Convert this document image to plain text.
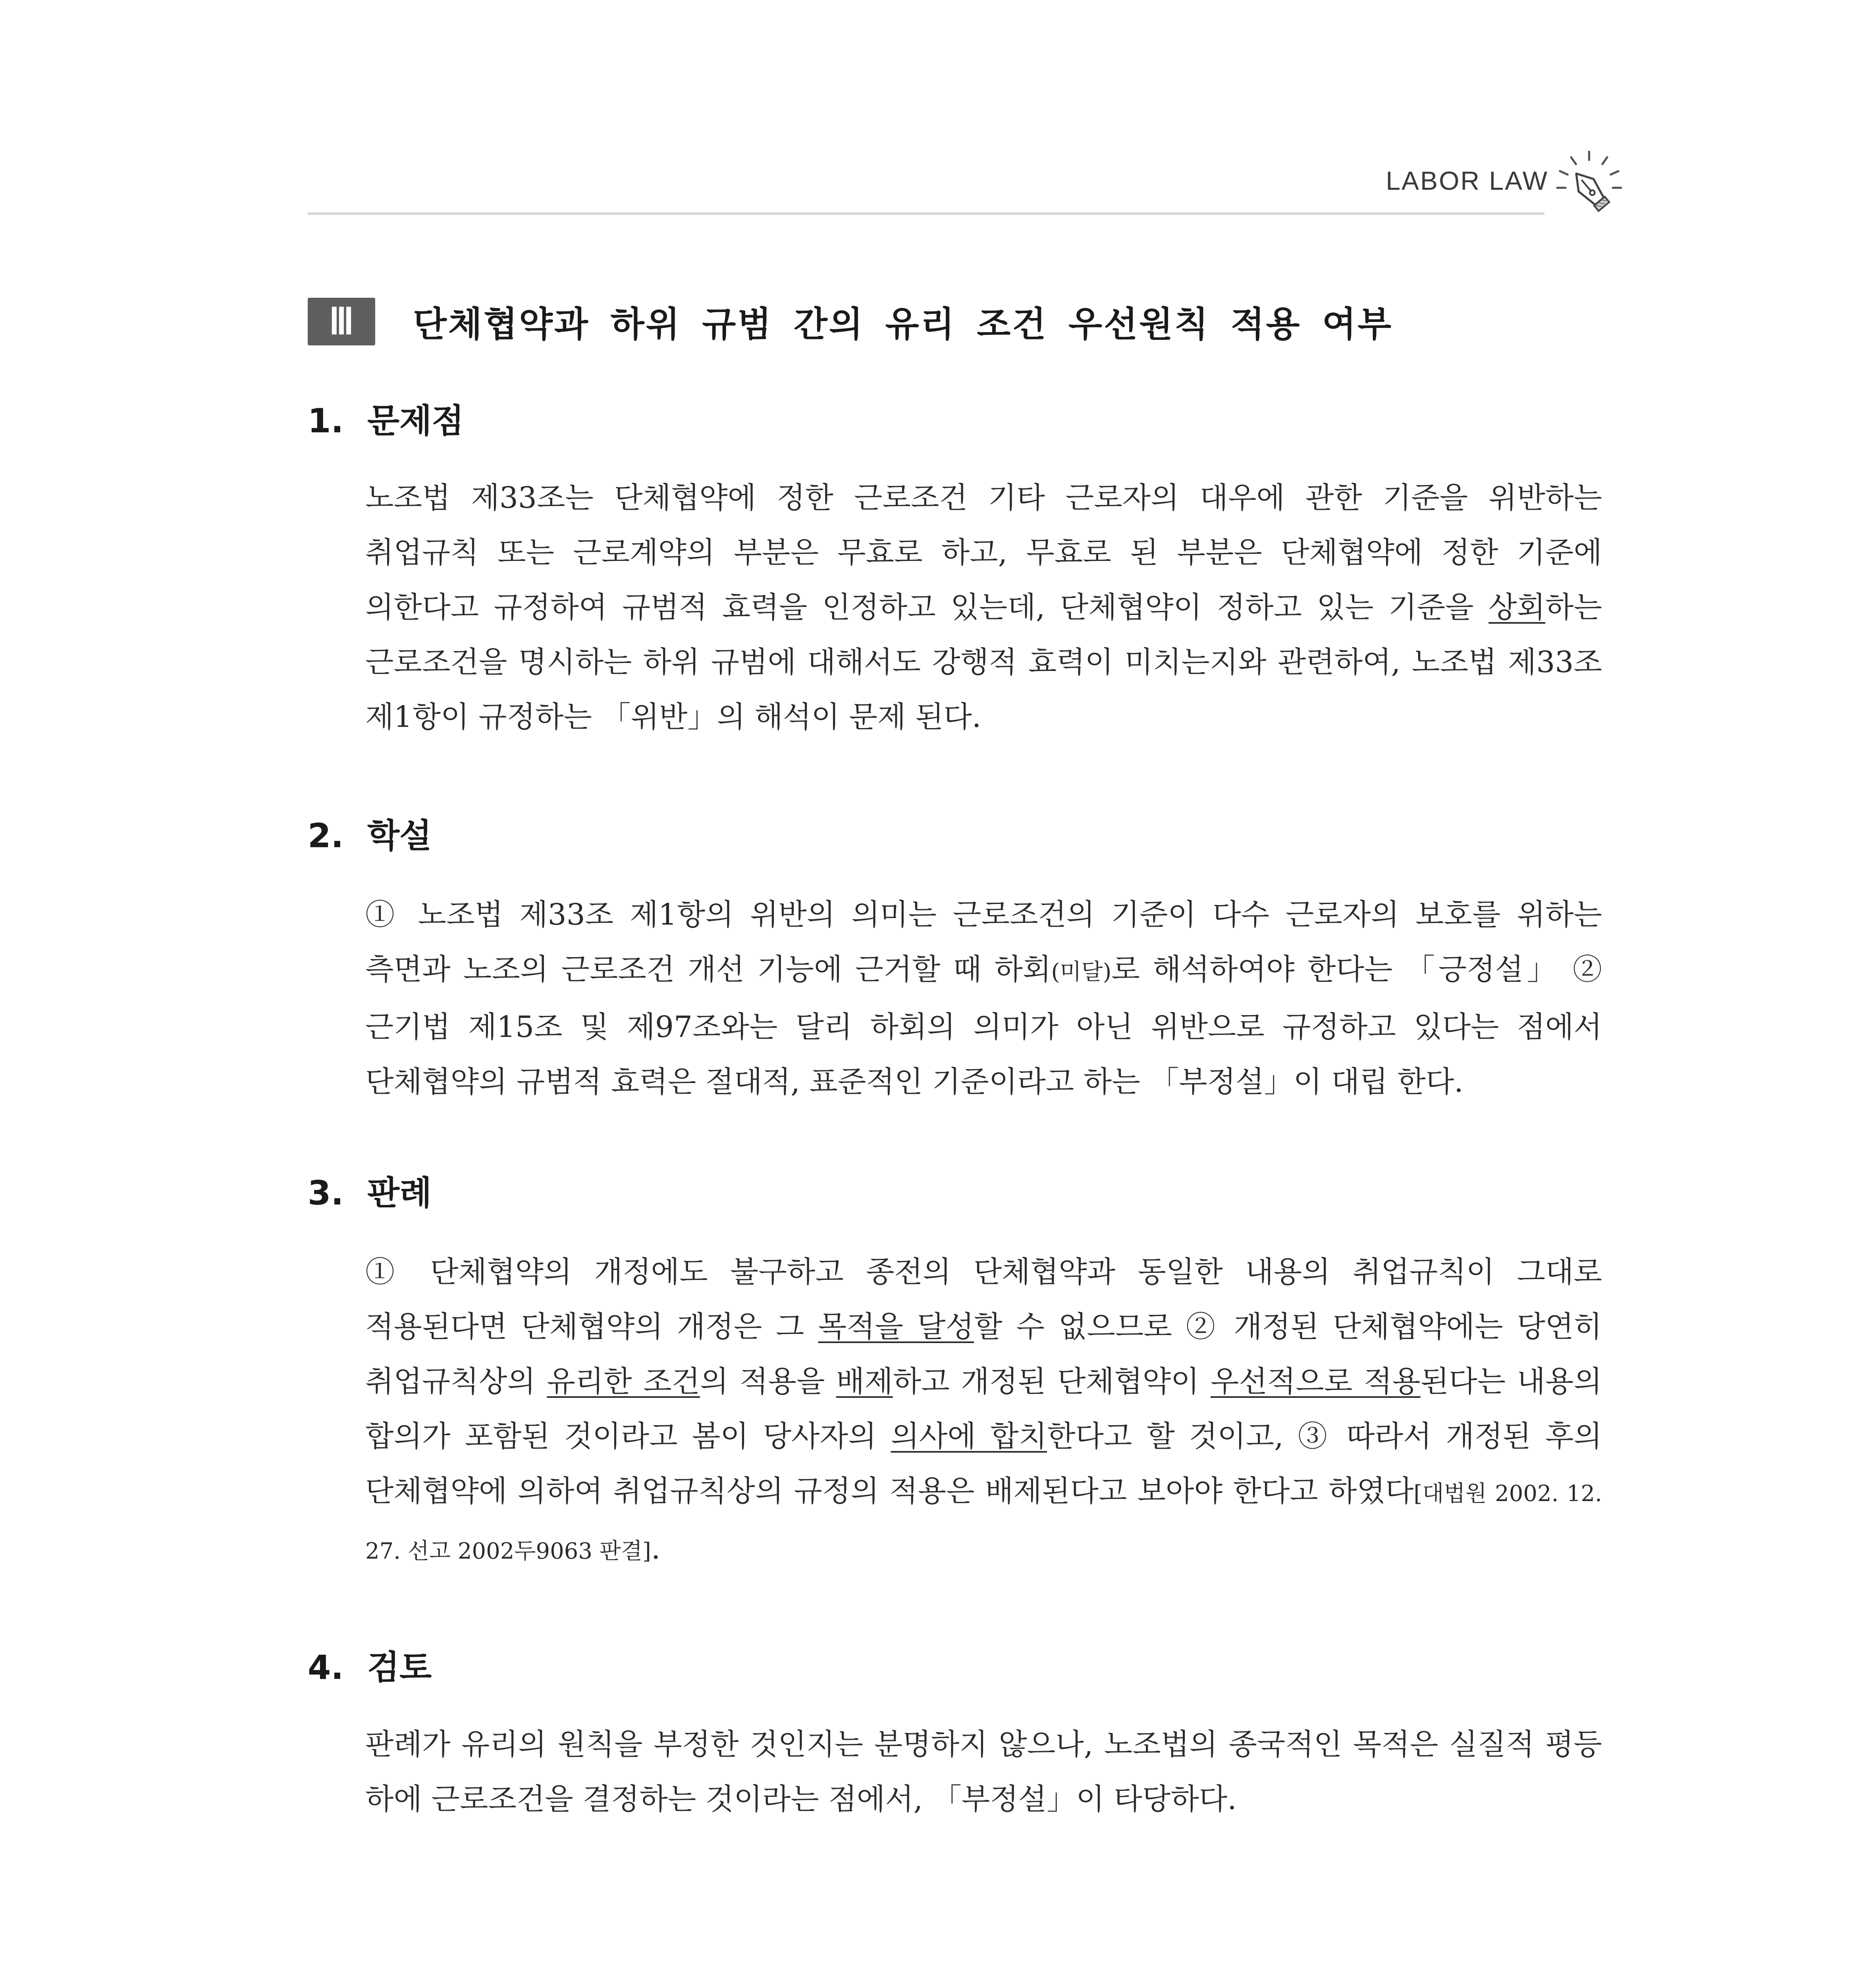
LABOR LAW
Ⅲ	단체협약과 하위 규범 간의 유리 조건 우선원칙 적용 여부
1. 문제점
노조법 제33조는 단체협약에 정한 근로조건 기타 근로자의 대우에 관한 기준을 위반하는 취업규칙 또는 근로계약의 부분은 무효로 하고, 무효로 된 부분은 단체협약에 정한 기준에 의한다고 규정하여 규범적 효력을 인정하고 있는데, 단체협약이 정하고 있는 기준을 상회하는 근로조건을 명시하는 하위 규범에 대해서도 강행적 효력이 미치는지와 관련하여, 노조법 제33조 제1항이 규정하는 「위반」의 해석이 문제 된다.
2. 학설
① 노조법 제33조 제1항의 위반의 의미는 근로조건의 기준이 다수 근로자의 보호를 위하는 측면과 노조의 근로조건 개선 기능에 근거할 때 하회(미달)로 해석하여야 한다는 「긍정설」 ② 근기법 제15조 및 제97조와는 달리 하회의 의미가 아닌 위반으로 규정하고 있다는 점에서 단체협약의 규범적 효력은 절대적, 표준적인 기준이라고 하는 「부정설」이 대립 한다.
3. 판례
① 단체협약의 개정에도 불구하고 종전의 단체협약과 동일한 내용의 취업규칙이 그대로 적용된다면 단체협약의 개정은 그 목적을 달성할 수 없으므로 ② 개정된 단체협약에는 당연히 취업규칙상의 유리한 조건의 적용을 배제하고 개정된 단체협약이 우선적으로 적용된다는 내용의 합의가 포함된 것이라고 봄이 당사자의 의사에 합치한다고 할 것이고, ③ 따라서 개정된 후의 단체협약에 의하여 취업규칙상의 규정의 적용은 배제된다고 보아야 한다고 하였다[대법원 2002. 12. 27. 선고 2002두9063 판결].
4. 검토
판례가 유리의 원칙을 부정한 것인지는 분명하지 않으나, 노조법의 종국적인 목적은 실질적 평등 하에 근로조건을 결정하는 것이라는 점에서, 「부정설」이 타당하다.
